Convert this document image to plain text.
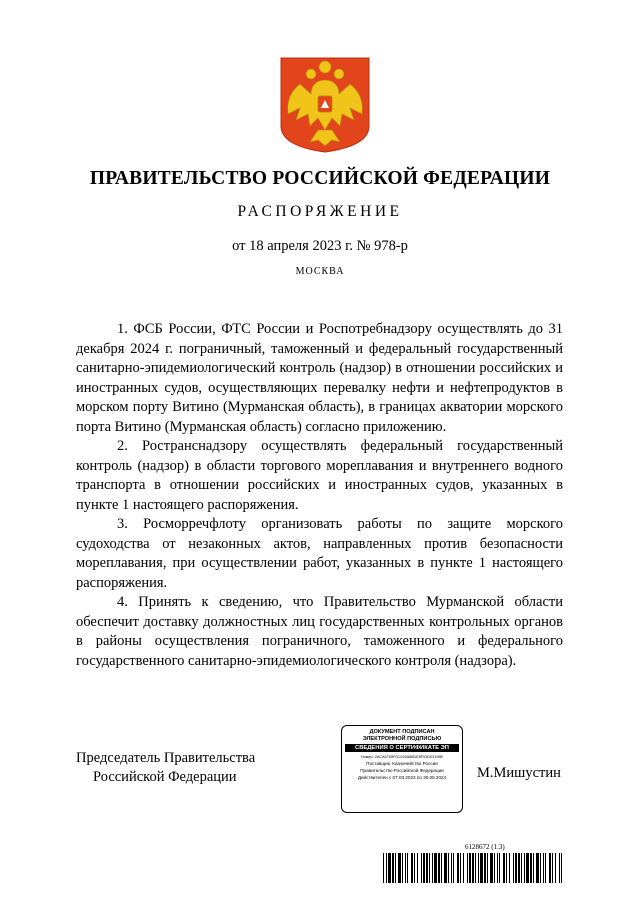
ПРАВИТЕЛЬСТВО РОССИЙСКОЙ ФЕДЕРАЦИИ
РАСПОРЯЖЕНИЕ
от 18 апреля 2023 г. № 978-р
МОСКВА

1. ФСБ России, ФТС России и Роспотребнадзору осуществлять до 31 декабря 2024 г. пограничный, таможенный и федеральный государственный санитарно-эпидемиологический контроль (надзор) в отношении российских и иностранных судов, осуществляющих перевалку нефти и нефтепродуктов в морском порту Витино (Мурманская область), в границах акватории морского порта Витино (Мурманская область) согласно приложению.

2. Ространснадзору осуществлять федеральный государственный контроль (надзор) в области торгового мореплавания и внутреннего водного транспорта в отношении российских и иностранных судов, указанных в пункте 1 настоящего распоряжения.

3. Росморречфлоту организовать работы по защите морского судоходства от незаконных актов, направленных против безопасности мореплавания, при осуществлении работ, указанных в пункте 1 настоящего распоряжения.

4. Принять к сведению, что Правительство Мурманской области обеспечит доставку должностных лиц государственных контрольных органов в районы осуществления пограничного, таможенного и федерального государственного санитарно-эпидемиологического контроля (надзора).

Председатель Правительства
Российской Федерации
ДОКУМЕНТ ПОДПИСАН
ЭЛЕКТРОННОЙ ПОДПИСЬЮ
СВЕДЕНИЯ О СЕРТИФИКАТЕ ЭП
Номер: 2ACA0765F0C025A68DE8F03D03198E
Поставщик: Казначейство России
Правительство Российской Федерации
Действителен с 07.03.2023 по 30.05.2024	М.Мишустин
6128672 (1.3)
